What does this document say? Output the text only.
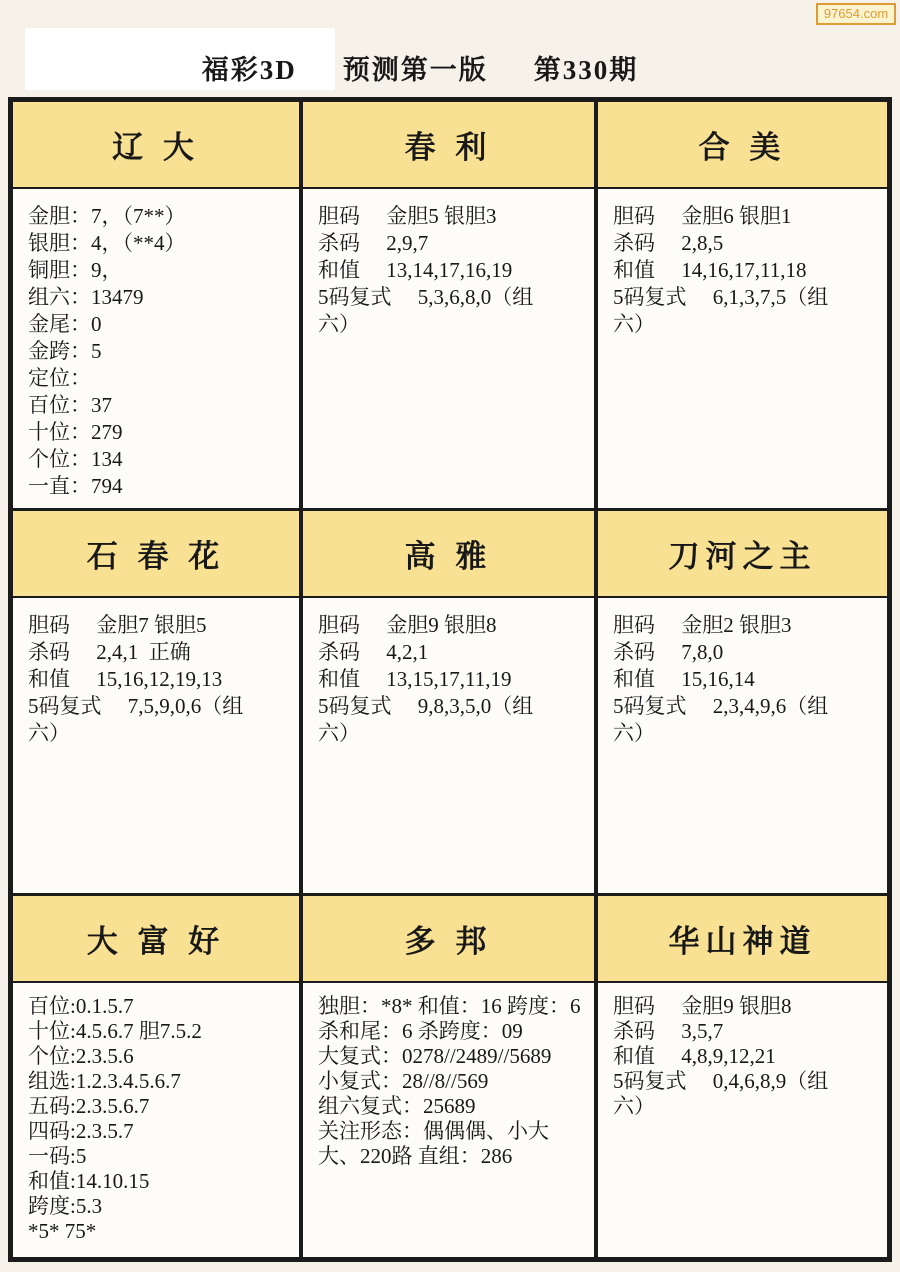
97654.com
福彩3D 预测第一版 第330期
辽 大
金胆：7，（7**）
银胆：4，（**4）
铜胆：9，
组六：13479
金尾：0
金跨：5
定位：
百位：37
十位：279
个位：134
一直：794
春 利
胆码　 金胆5 银胆3
杀码　 2,9,7
和值　 13,14,17,16,19
5码复式　 5,3,6,8,0（组
六）
合 美
胆码　 金胆6 银胆1
杀码　 2,8,5
和值　 14,16,17,11,18
5码复式　 6,1,3,7,5（组
六）
石 春 花
胆码　 金胆7 银胆5
杀码　 2,4,1  正确
和值　 15,16,12,19,13
5码复式　 7,5,9,0,6（组
六）
高 雅
胆码　 金胆9 银胆8
杀码　 4,2,1
和值　 13,15,17,11,19
5码复式　 9,8,3,5,0（组
六）
刀河之主
胆码　 金胆2 银胆3
杀码　 7,8,0
和值　 15,16,14
5码复式　 2,3,4,9,6（组
六）
大 富 好
百位:0.1.5.7
十位:4.5.6.7 胆7.5.2
个位:2.3.5.6
组选:1.2.3.4.5.6.7
五码:2.3.5.6.7
四码:2.3.5.7
一码:5
和值:14.10.15
跨度:5.3
*5* 75*
多 邦
独胆：*8* 和值：16 跨度：6
杀和尾：6 杀跨度：09
大复式：0278//2489//5689
小复式：28//8//569
组六复式：25689
关注形态：偶偶偶、小大
大、220路 直组：286
华山神道
胆码　 金胆9 银胆8
杀码　 3,5,7
和值　 4,8,9,12,21
5码复式　 0,4,6,8,9（组
六）
